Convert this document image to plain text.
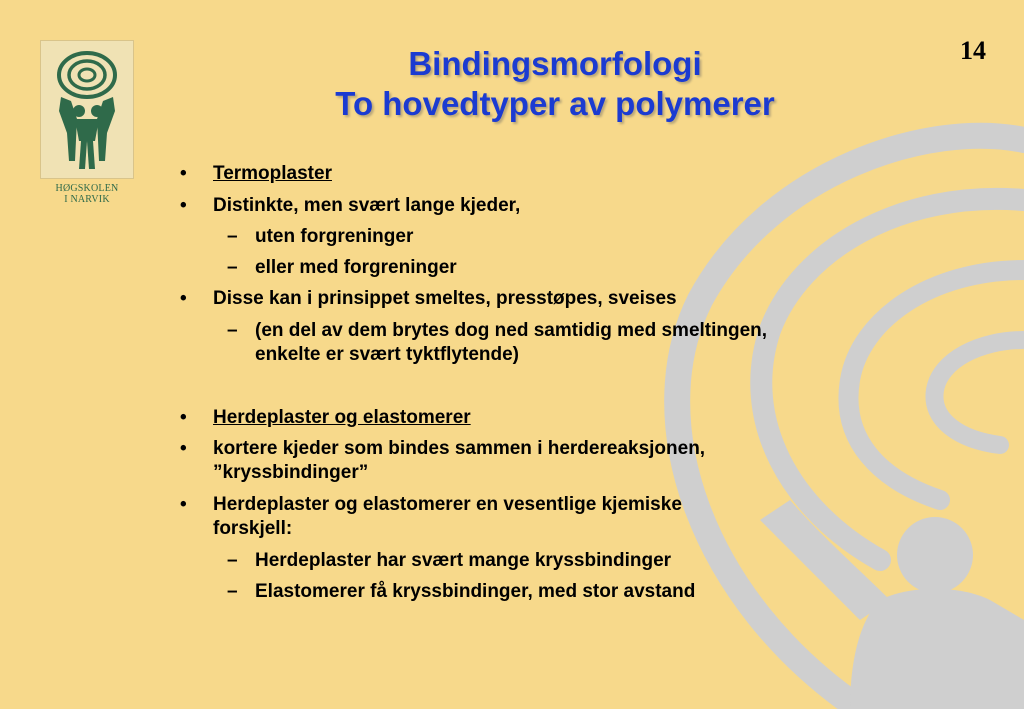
HØGSKOLEN
I NARVIK
14
Bindingsmorfologi
To hovedtyper av polymerer
• Termoplaster
• Distinkte, men svært lange kjeder,
– uten forgreninger
– eller med forgreninger
• Disse kan i prinsippet smeltes, presstøpes, sveises
– (en del av dem brytes dog ned samtidig med smeltingen,
enkelte er svært tyktflytende)
• Herdeplaster og elastomerer
• kortere kjeder som bindes sammen i herdereaksjonen,
”kryssbindinger”
• Herdeplaster og elastomerer en vesentlige kjemiske
forskjell:
– Herdeplaster har svært mange kryssbindinger
– Elastomerer få kryssbindinger, med stor avstand
